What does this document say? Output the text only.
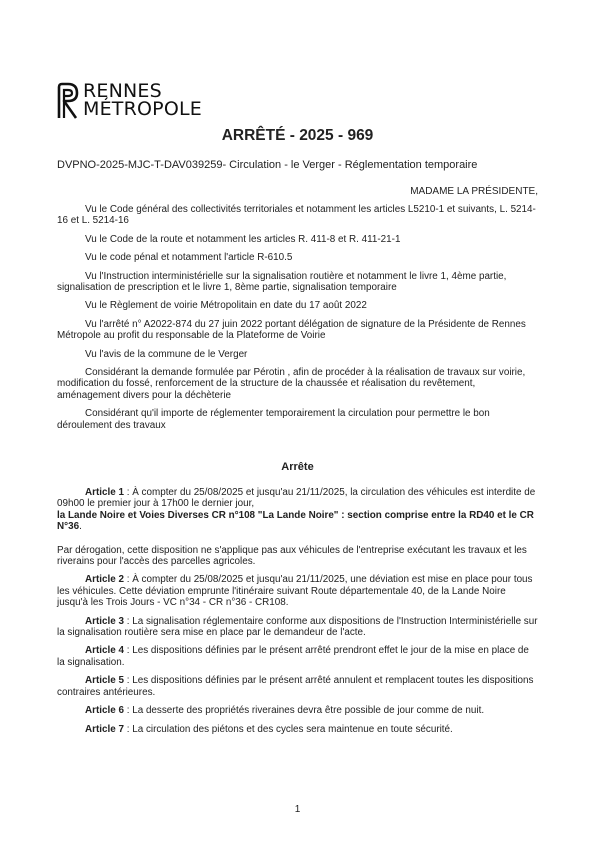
RENNES
MÉTROPOLE
ARRÊTÉ - 2025 - 969
DVPNO-2025-MJC-T-DAV039259- Circulation - le Verger - Réglementation temporaire
MADAME LA PRÉSIDENTE,

Vu le Code général des collectivités territoriales et notamment les articles L5210-1 et suivants, L. 5214-16 et L. 5214-16

Vu le Code de la route et notamment les articles R. 411-8 et R. 411-21-1

Vu le code pénal et notamment l'article R-610.5

Vu l'Instruction interministérielle sur la signalisation routière et notamment le livre 1, 4ème partie, signalisation de prescription et le livre 1, 8ème partie, signalisation temporaire

Vu le Règlement de voirie Métropolitain en date du 17 août 2022

Vu l'arrêté n° A2022-874 du 27 juin 2022 portant délégation de signature de la Présidente de Rennes Métropole au profit du responsable de la Plateforme de Voirie

Vu l'avis de la commune de le Verger

Considérant la demande formulée par Pérotin , afin de procéder à la réalisation de travaux sur voirie, modification du fossé, renforcement de la structure de la chaussée et réalisation du revêtement, aménagement divers pour la déchèterie

Considérant qu'il importe de réglementer temporairement la circulation pour permettre le bon déroulement des travaux

Arrête

Article 1 : À compter du 25/08/2025 et jusqu'au 21/11/2025, la circulation des véhicules est interdite de 09h00 le premier jour à 17h00 le dernier jour,
la Lande Noire et Voies Diverses CR n°108 "La Lande Noire" : section comprise entre la RD40 et le CR N°36.

Par dérogation, cette disposition ne s'applique pas aux véhicules de l'entreprise exécutant les travaux et les riverains pour l'accès des parcelles agricoles.

Article 2 : À compter du 25/08/2025 et jusqu'au 21/11/2025, une déviation est mise en place pour tous les véhicules. Cette déviation emprunte l'itinéraire suivant Route départementale 40, de la Lande Noire jusqu'à les Trois Jours - VC n°34 - CR n°36 - CR108.

Article 3 : La signalisation réglementaire conforme aux dispositions de l'Instruction Interministérielle sur la signalisation routière sera mise en place par le demandeur de l'acte.

Article 4 : Les dispositions définies par le présent arrêté prendront effet le jour de la mise en place de la signalisation.

Article 5 : Les dispositions définies par le présent arrêté annulent et remplacent toutes les dispositions contraires antérieures.

Article 6 : La desserte des propriétés riveraines devra être possible de jour comme de nuit.

Article 7 : La circulation des piétons et des cycles sera maintenue en toute sécurité.

1
